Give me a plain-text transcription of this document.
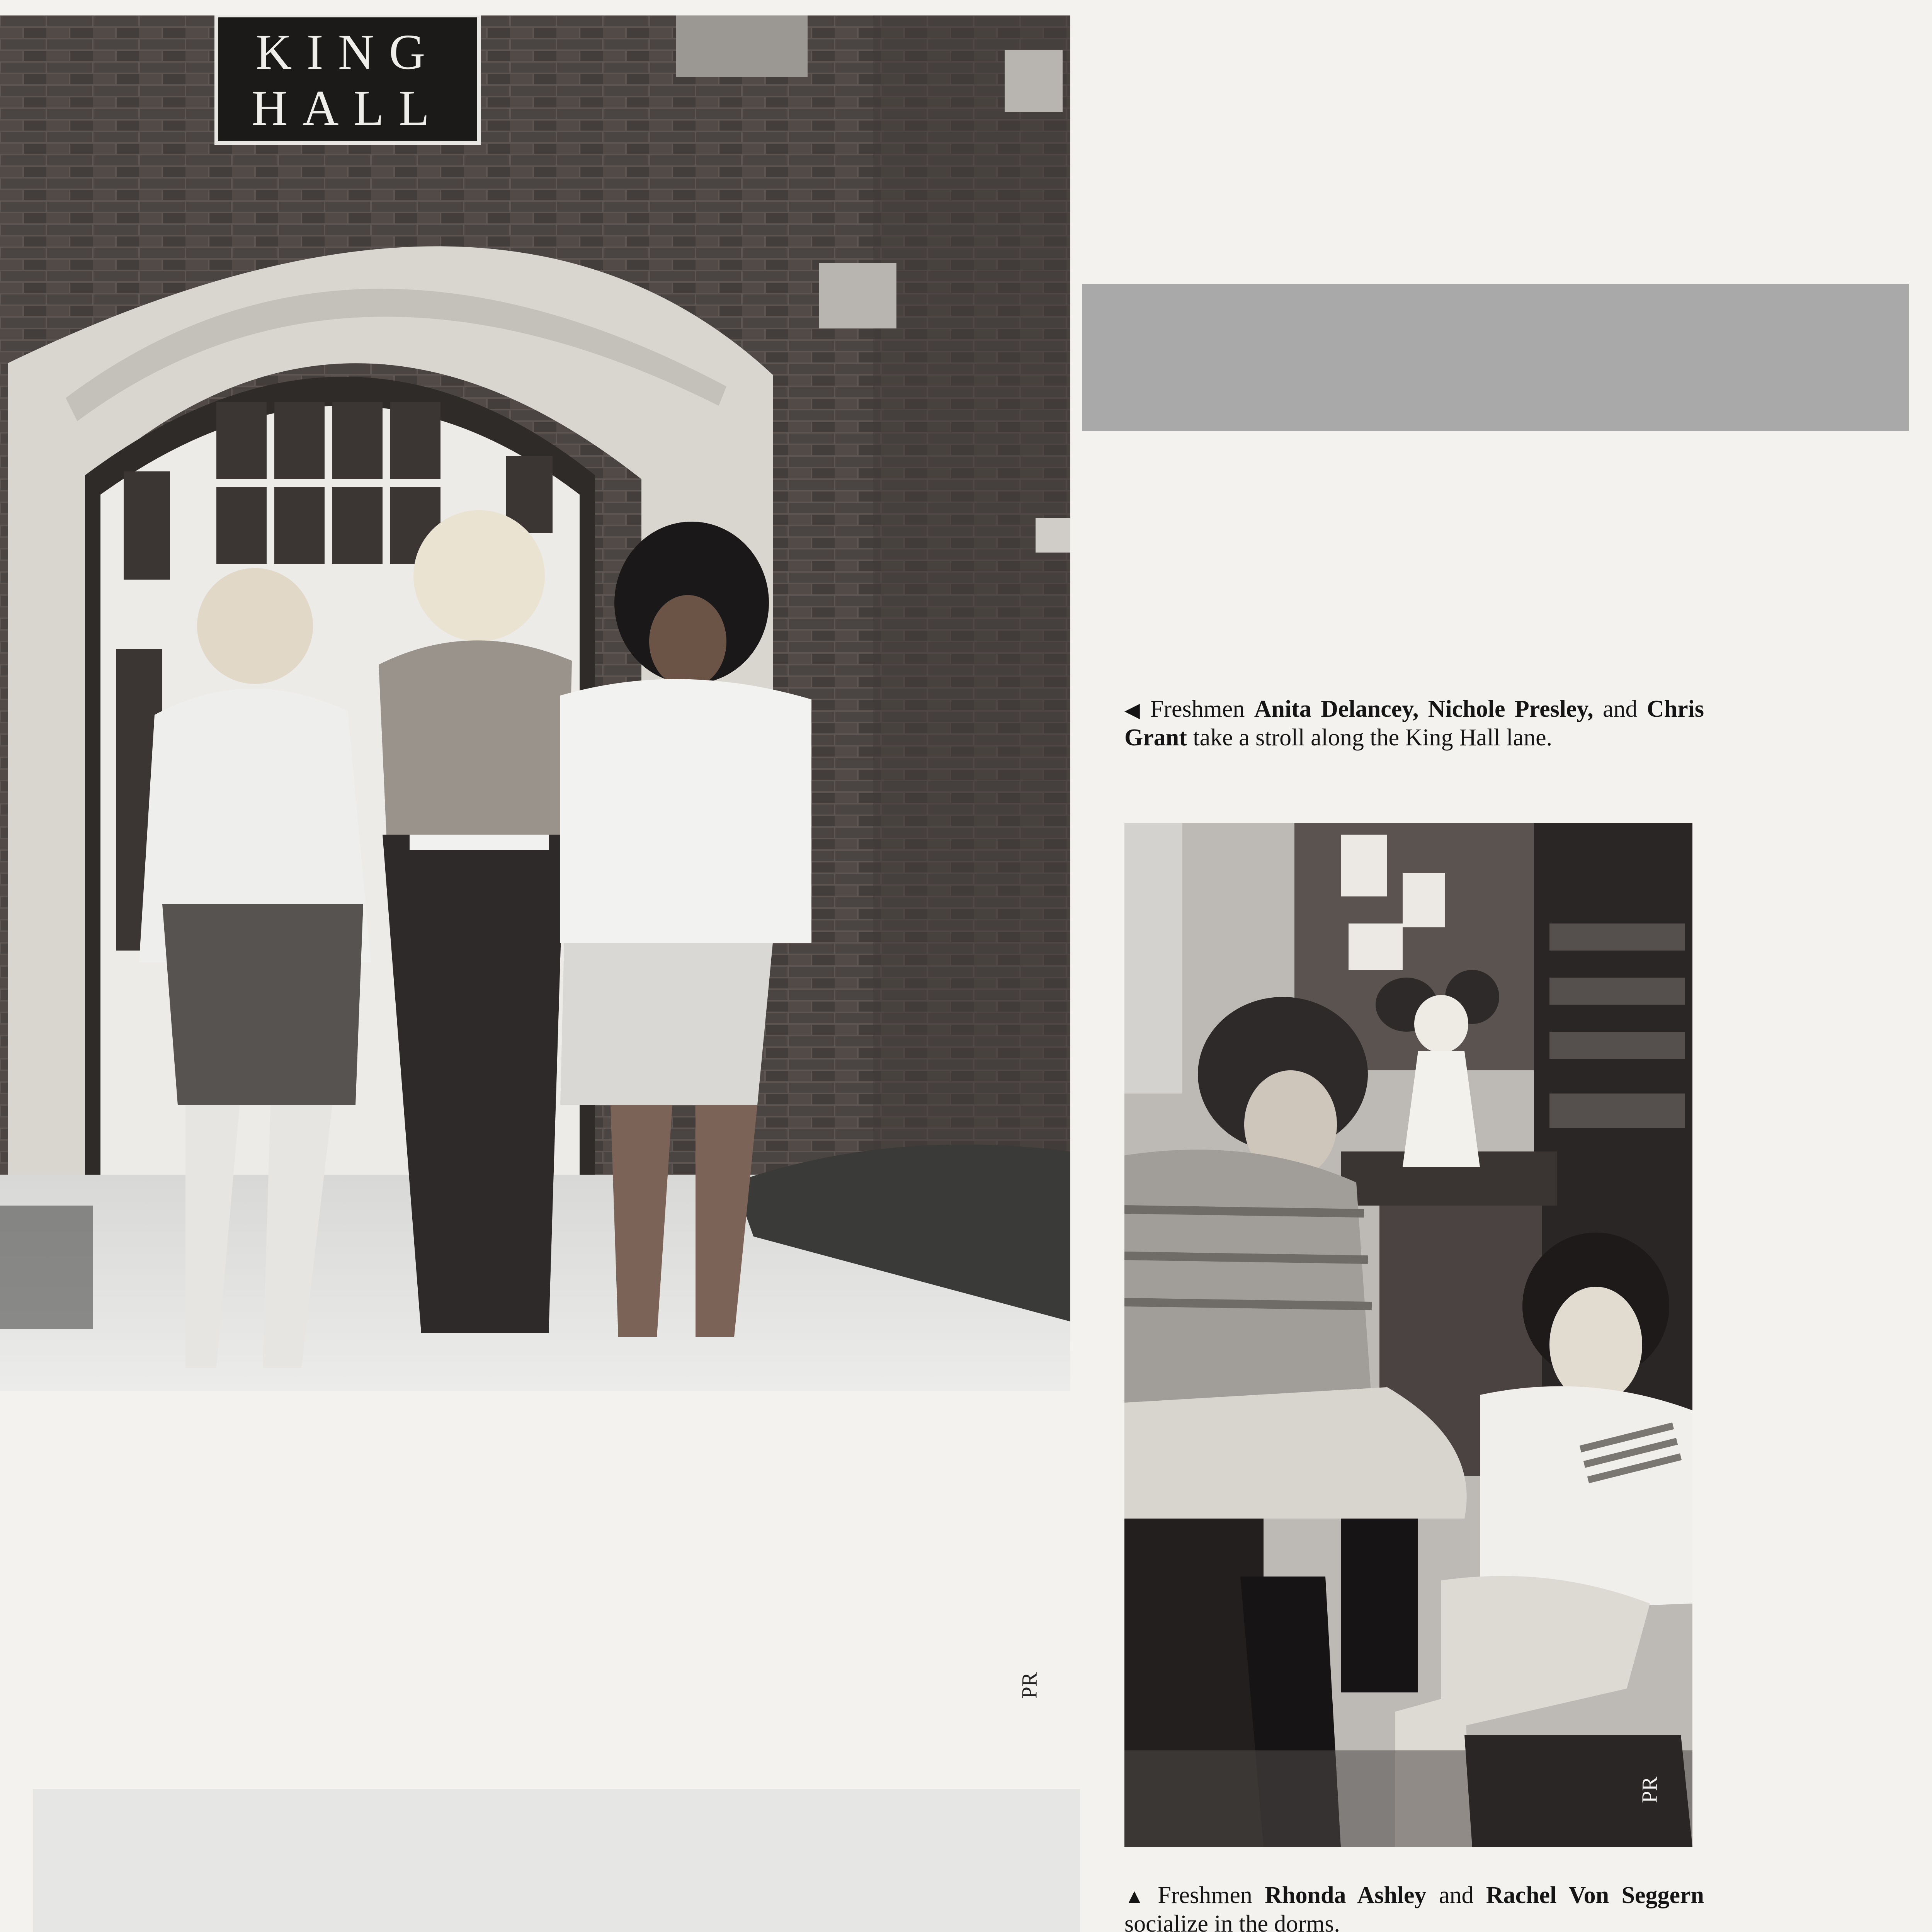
KING
HALL
PR
◀ Freshmen Anita Delancey, Nichole Presley, and Chris Grant take a stroll along the King Hall lane.
PR
▲ Freshmen Rhonda Ashley and Rachel Von Seggern socialize in the dorms.
